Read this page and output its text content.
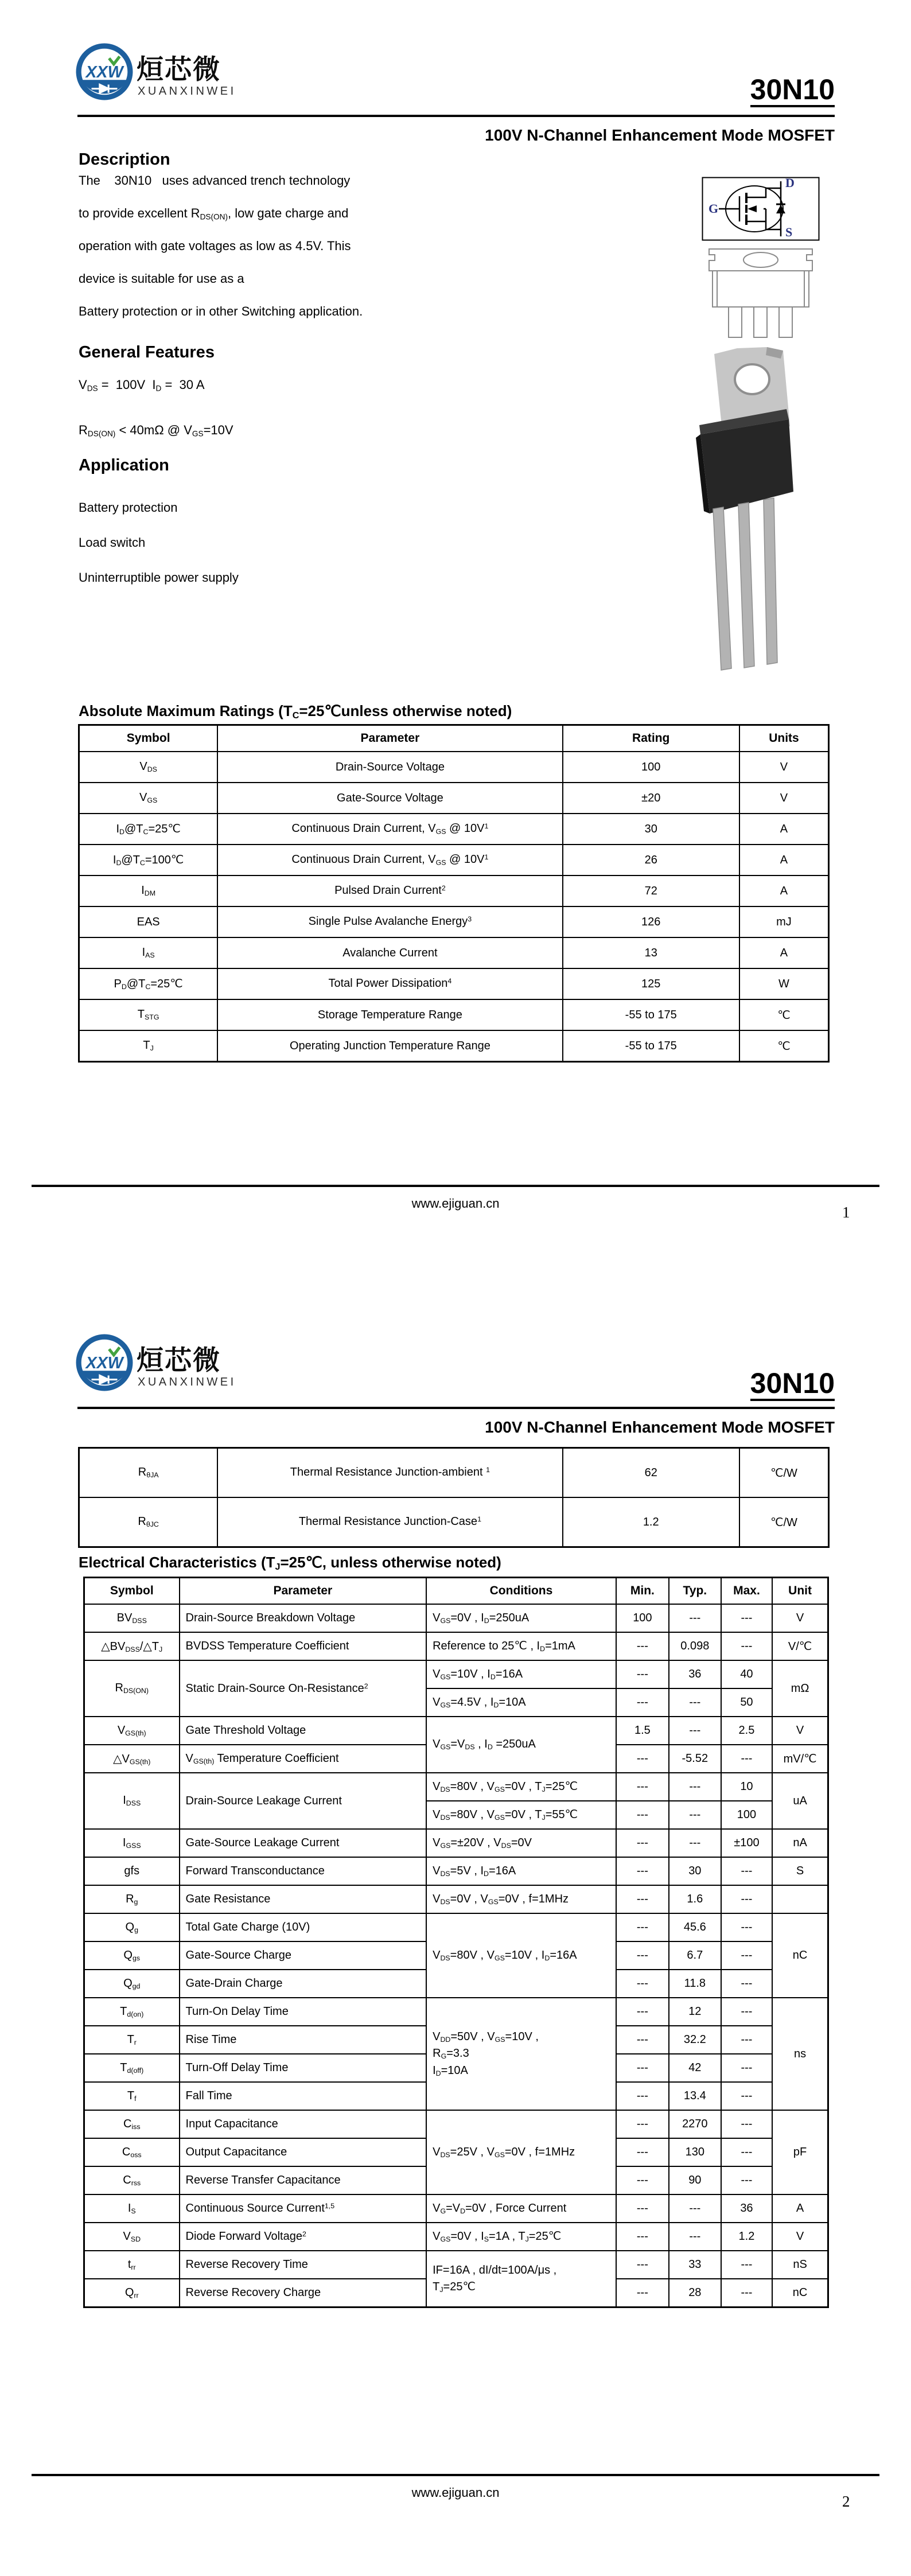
XXW 烜芯微
XUANXINWEI	30N10
100V N-Channel Enhancement Mode MOSFET
Description
The    30N10   uses advanced trench technology
to provide excellent $R_{DS(ON)}$, low gate charge and
operation with gate voltages as low as 4.5V. This
device is suitable for use as a
Battery protection or in other Switching application.
General Features
$V_{DS} = 100V$  $I_D = 30$ A
$R_{DS(ON)} < 40m\Omega$ @ $V_{GS}=10V$
Application
Battery protection
Load switch
Uninterruptible power supply
D
G
S
Absolute Maximum Ratings ($T_C=25℃unless$ otherwise noted)
Symbol	Parameter	Rating	Units
$V_{DS}$	Drain-Source Voltage	100	V
$V_{GS}$	Gate-Source Voltage	±20	V
$I_D@T_C=25℃$	Continuous Drain Current, $V_{GS}$ @ $10V^1$	30	A
$I_D@T_C=100℃$	Continuous Drain Current, $V_{GS}$ @ $10V^1$	26	A
$I_{DM}$	Pulsed Drain Current$^2$	72	A
EAS	Single Pulse Avalanche Energy$^3$	126	mJ
$I_{AS}$	Avalanche Current	13	A
$P_D@T_C=25℃$	Total Power Dissipation$^4$	125	W
$T_{STG}$	Storage Temperature Range	-55 to 175	℃
$T_J$	Operating Junction Temperature Range	-55 to 175	℃
www.ejiguan.cn
1
XXW 烜芯微
XUANXINWEI	30N10
100V N-Channel Enhancement Mode MOSFET
$R_{\theta JA}$	Thermal Resistance Junction-ambient $^1$	62	℃/W
$R_{\theta JC}$	Thermal Resistance Junction-Case$^1$	1.2	℃/W
Electrical Characteristics ($T_J=25℃$, unless otherwise noted)
Symbol	Parameter	Conditions	Min.	Typ.	Max.	Unit
$BV_{DSS}$	Drain-Source Breakdown Voltage	$V_{GS}=0V$ , $I_D=250uA$	100	---	---	V
$\triangle BV_{DSS}/\triangle T_J$	BVDSS Temperature Coefficient	Reference to 25℃ , $I_D=1mA$	---	0.098	---	V/℃
$R_{DS(ON)}$	Static Drain-Source On-Resistance$^2$	$V_{GS}=10V$ , $I_D=16A$	---	36	40	mΩ
		$V_{GS}=4.5V$ , $I_D=10A$	---	---	50	
$V_{GS(th)}$	Gate Threshold Voltage	$V_{GS}=V_{DS}$ , $I_D =250uA$	1.5	---	2.5	V
$\triangle V_{GS(th)}$	$V_{GS(th)}$ Temperature Coefficient		---	-5.52	---	mV/℃
$I_{DSS}$	Drain-Source Leakage Current	$V_{DS}=80V$ , $V_{GS}=0V$ , $T_J=25℃$	---	---	10	uA
		$V_{DS}=80V$ , $V_{GS}=0V$ , $T_J=55℃$	---	---	100	
$I_{GSS}$	Gate-Source Leakage Current	$V_{GS}=\pm 20V$ , $V_{DS}=0V$	---	---	±100	nA
gfs	Forward Transconductance	$V_{DS}=5V$ , $I_D=16A$	---	30	---	S
$R_g$	Gate Resistance	$V_{DS}=0V$ , $V_{GS}=0V$ , f=1MHz	---	1.6	---	
$Q_g$	Total Gate Charge (10V)	$V_{DS}=80V$ , $V_{GS}=10V$ , $I_D=16A$	---	45.6	---	nC
$Q_{gs}$	Gate-Source Charge		---	6.7	---	
$Q_{gd}$	Gate-Drain Charge		---	11.8	---	
$T_{d(on)}$	Turn-On Delay Time	$V_{DD}=50V$ , $V_{GS}=10V$ ,
$R_G=3.3$
$I_D=10A$	---	12	---	ns
$T_r$	Rise Time		---	32.2	---	
$T_{d(off)}$	Turn-Off Delay Time		---	42	---	
$T_f$	Fall Time		---	13.4	---	
$C_{iss}$	Input Capacitance	$V_{DS}=25V$ , $V_{GS}=0V$ , f=1MHz	---	2270	---	pF
$C_{oss}$	Output Capacitance		---	130	---	
$C_{rss}$	Reverse Transfer Capacitance		---	90	---	
$I_S$	Continuous Source Current$^{1,5}$	$V_G=V_D=0V$ , Force Current	---	---	36	A
$V_{SD}$	Diode Forward Voltage$^2$	$V_{GS}=0V$ , $I_S=1A$ , $T_J=25℃$	---	---	1.2	V
$t_{rr}$	Reverse Recovery Time	IF=16A , dI/dt=100A/μs ,
$T_J=25℃$	---	33	---	nS
$Q_{rr}$	Reverse Recovery Charge		---	28	---	nC
www.ejiguan.cn
2
